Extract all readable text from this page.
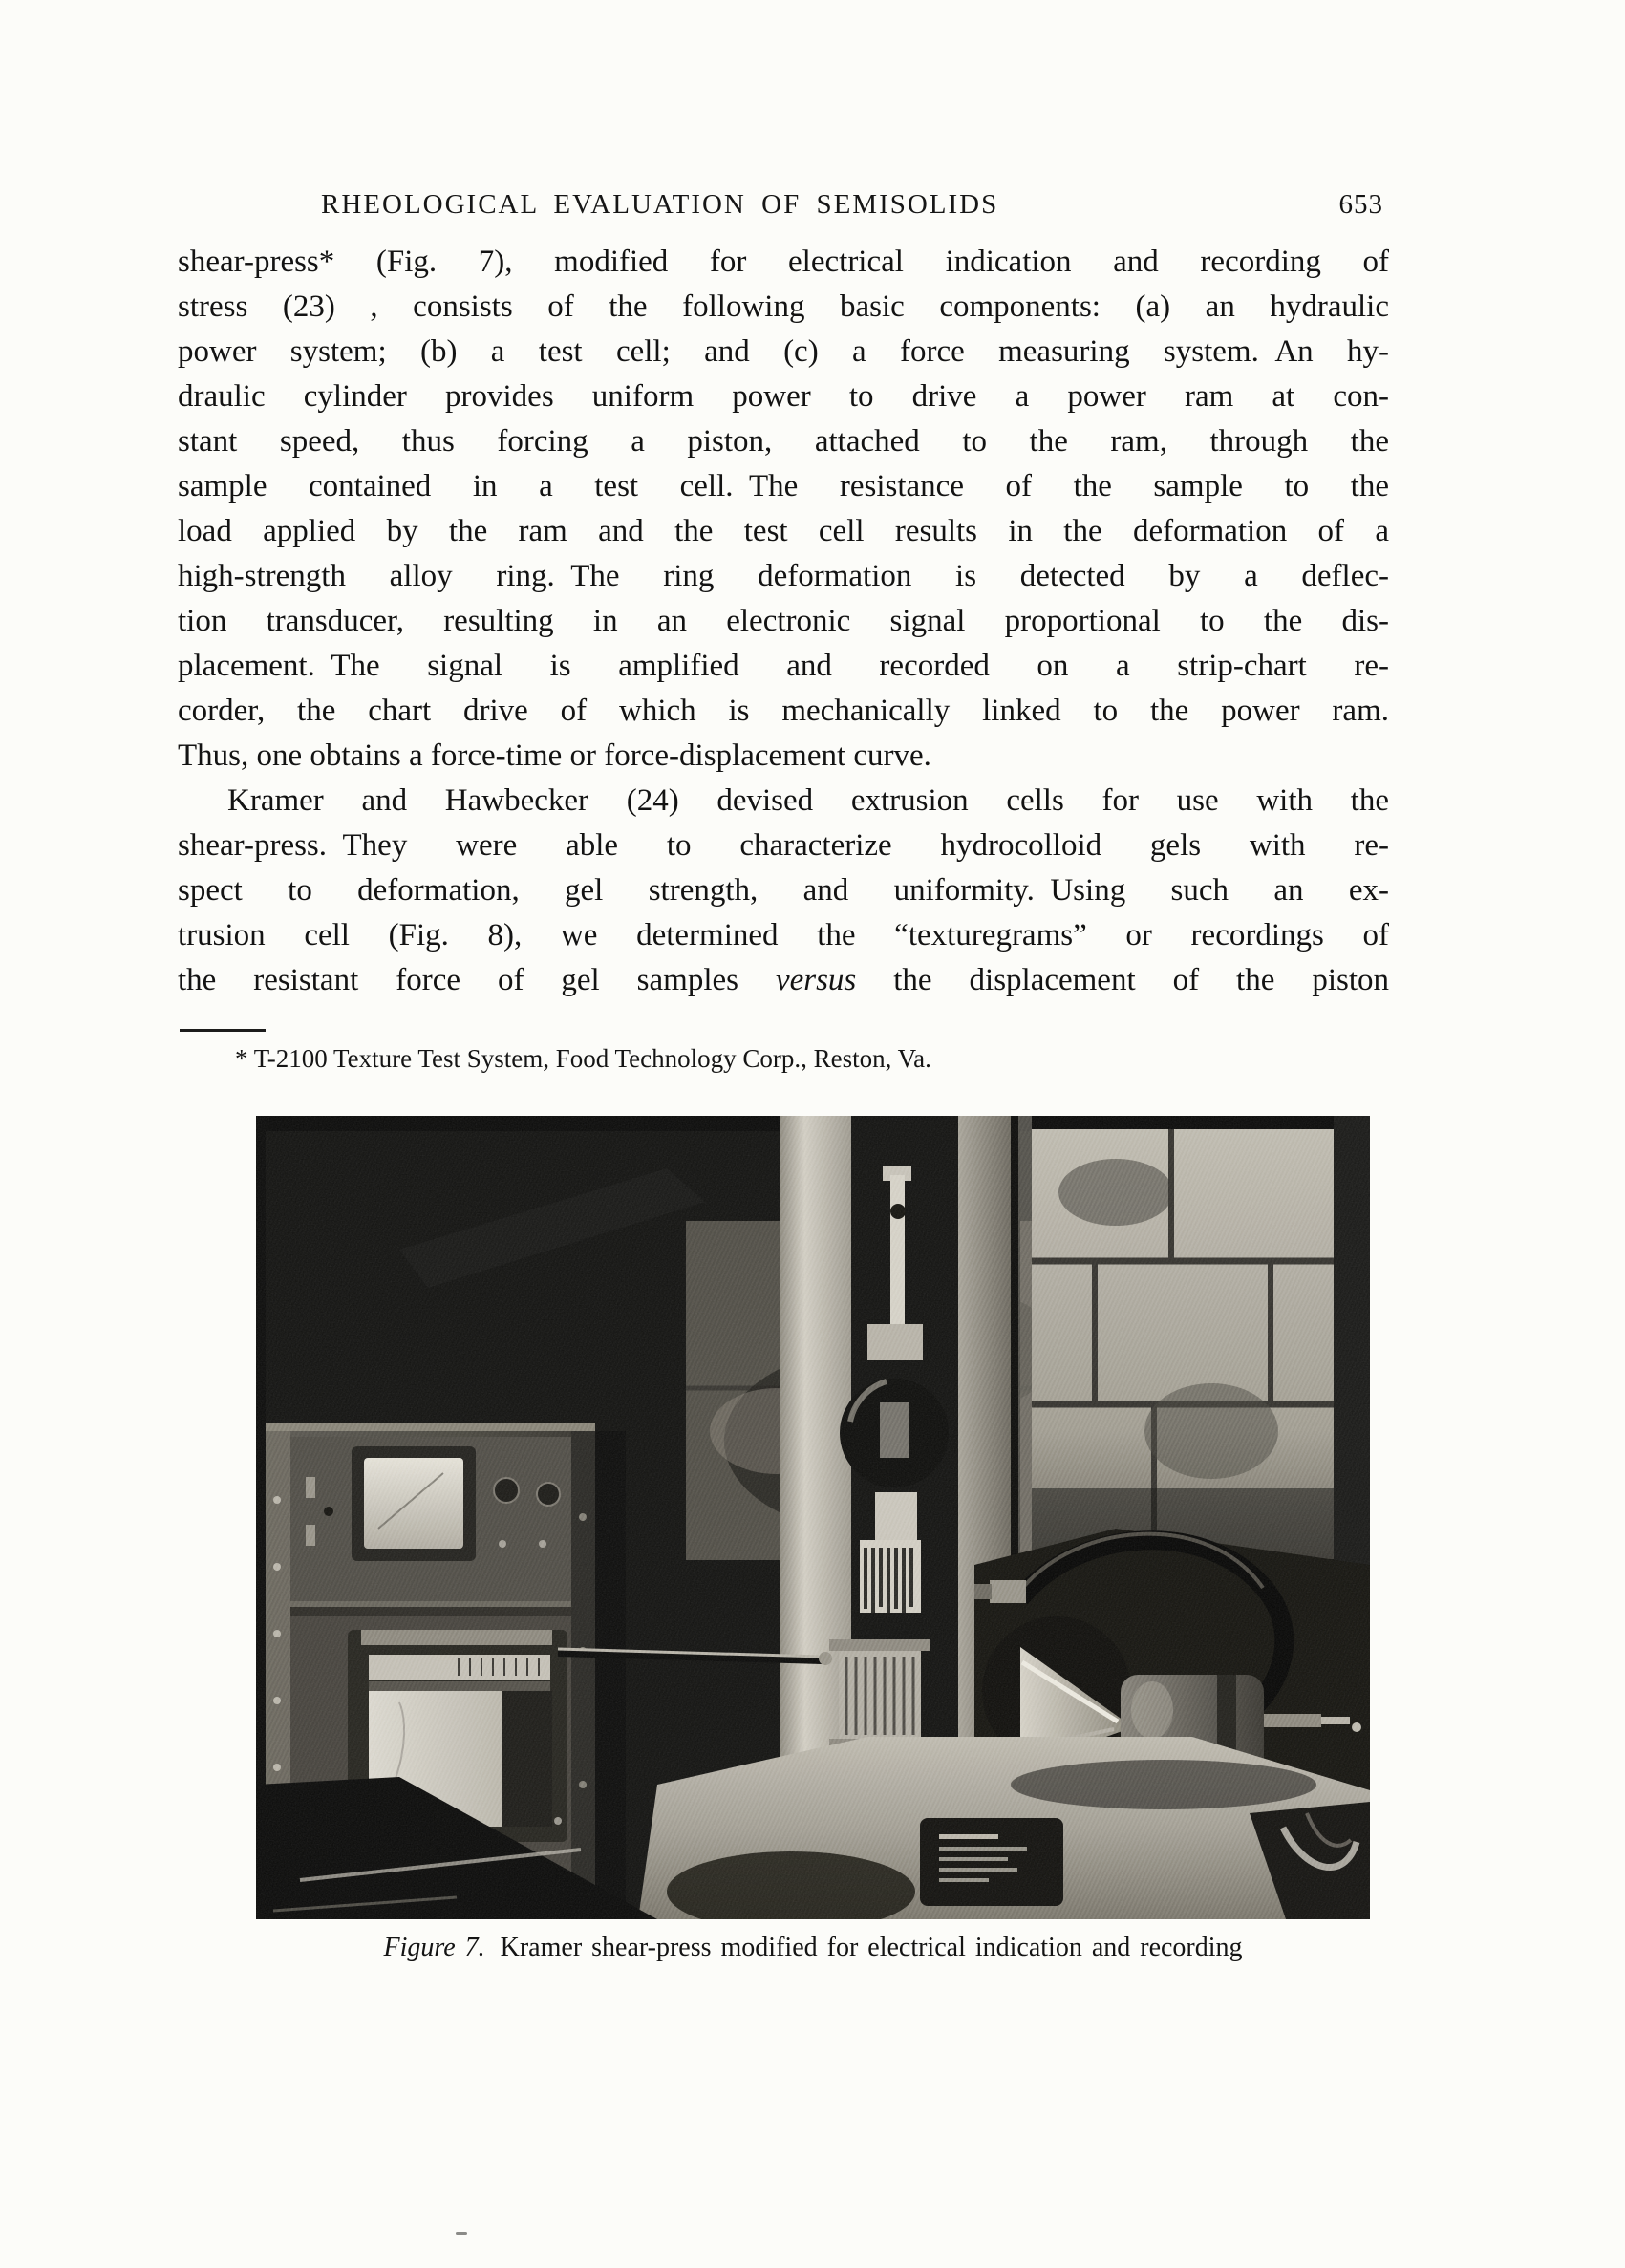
RHEOLOGICAL EVALUATION OF SEMISOLIDS	653
shear-press* (Fig. 7), modified for electrical indication and recording of
stress (23) , consists of the following basic components: (a) an hydraulic
power system; (b) a test cell; and (c) a force measuring system. An hy-
draulic cylinder provides uniform power to drive a power ram at con-
stant speed, thus forcing a piston, attached to the ram, through the
sample contained in a test cell. The resistance of the sample to the
load applied by the ram and the test cell results in the deformation of a
high-strength alloy ring. The ring deformation is detected by a deflec-
tion transducer, resulting in an electronic signal proportional to the dis-
placement. The signal is amplified and recorded on a strip-chart re-
corder, the chart drive of which is mechanically linked to the power ram.
Thus, one obtains a force-time or force-displacement curve.
Kramer and Hawbecker (24) devised extrusion cells for use with the
shear-press. They were able to characterize hydrocolloid gels with re-
spect to deformation, gel strength, and uniformity. Using such an ex-
trusion cell (Fig. 8), we determined the “texturegrams” or recordings of
the resistant force of gel samples versus the displacement of the piston
* T-2100 Texture Test System, Food Technology Corp., Reston, Va.
Figure 7. Kramer shear-press modified for electrical indication and recording
